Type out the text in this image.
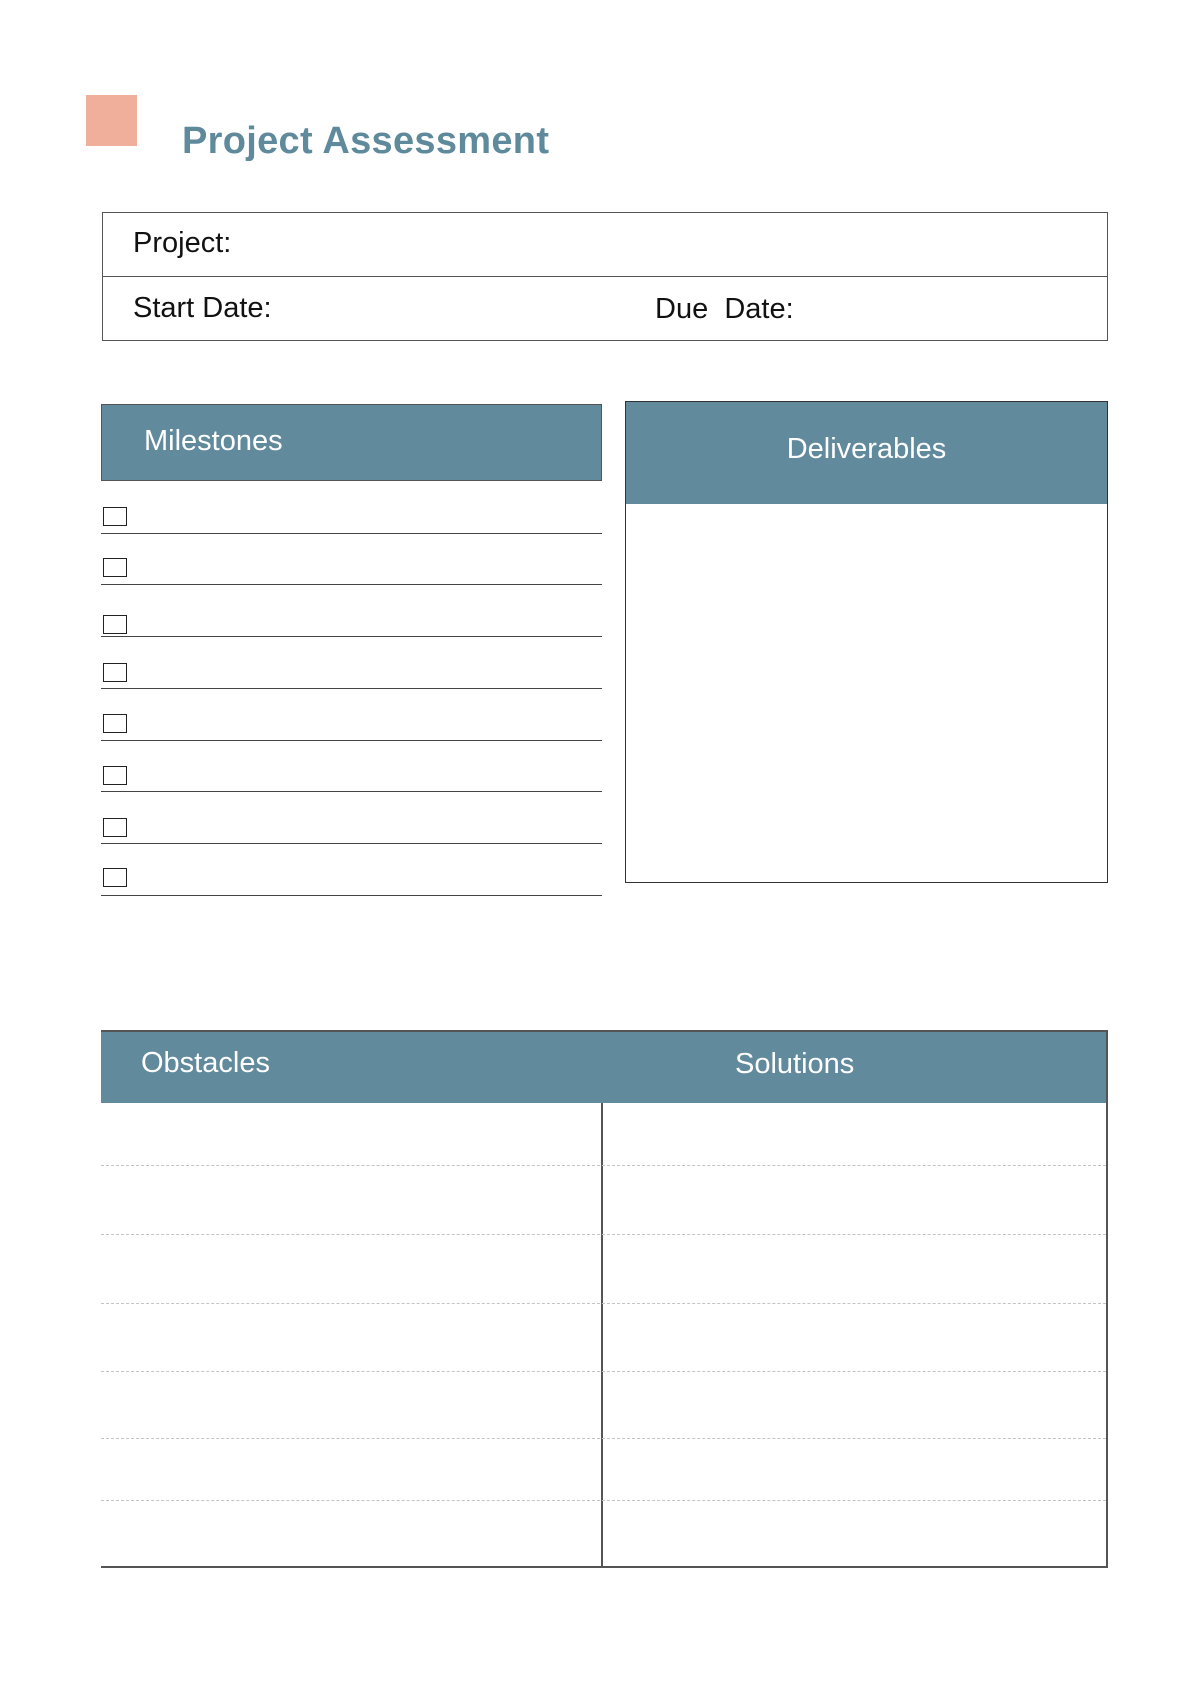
Project Assessment
Project:
Start Date:	Due  Date:
Milestones	Deliverables
Obstacles	Solutions
